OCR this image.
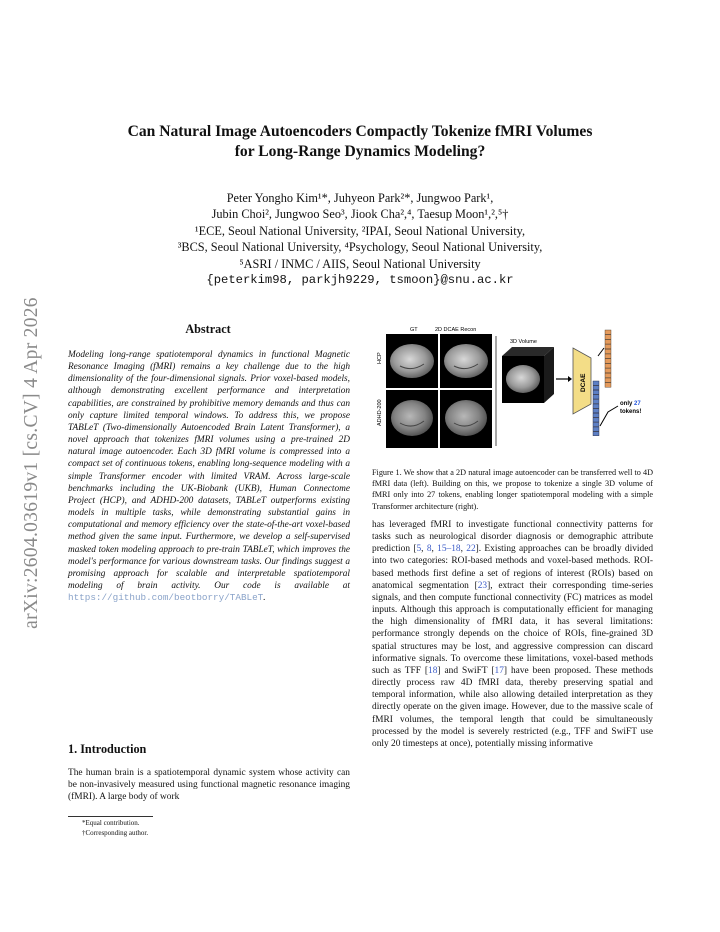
arXiv:2604.03619v1 [cs.CV] 4 Apr 2026
Can Natural Image Autoencoders Compactly Tokenize fMRI Volumes
for Long-Range Dynamics Modeling?
Peter Yongho Kim¹*, Juhyeon Park²*, Jungwoo Park¹,
Jubin Choi², Jungwoo Seo³, Jiook Cha²,⁴, Taesup Moon¹,²,⁵†
¹ECE, Seoul National University, ²IPAI, Seoul National University,
³BCS, Seoul National University, ⁴Psychology, Seoul National University,
⁵ASRI / INMC / AIIS, Seoul National University
{peterkim98, parkjh9229, tsmoon}@snu.ac.kr
Abstract
Modeling long-range spatiotemporal dynamics in functional Magnetic Resonance Imaging (fMRI) remains a key challenge due to the high dimensionality of the four-dimensional signals. Prior voxel-based models, although demonstrating excellent performance and interpretation capabilities, are constrained by prohibitive memory demands and thus can only capture limited temporal windows. To address this, we propose TABLeT (Two-dimensionally Autoencoded Brain Latent Transformer), a novel approach that tokenizes fMRI volumes using a pre-trained 2D natural image autoencoder. Each 3D fMRI volume is compressed into a compact set of continuous tokens, enabling long-sequence modeling with a simple Transformer encoder with limited VRAM. Across large-scale benchmarks including the UK-Biobank (UKB), Human Connectome Project (HCP), and ADHD-200 datasets, TABLeT outperforms existing models in multiple tasks, while demonstrating substantial gains in computational and memory efficiency over the state-of-the-art voxel-based method given the same input. Furthermore, we develop a self-supervised masked token modeling approach to pre-train TABLeT, which improves the model's performance for various downstream tasks. Our findings suggest a promising approach for scalable and interpretable spatiotemporal modeling of brain activity. Our code is available at https://github.com/beotborry/TABLeT.
1. Introduction
The human brain is a spatiotemporal dynamic system whose activity can be non-invasively measured using functional magnetic resonance imaging (fMRI). A large body of work
*Equal contribution.
†Corresponding author.
GT	2D DCAE Recon
HCP
ADHD-200
3D Volume
DCAE
only 27
tokens!
Figure 1. We show that a 2D natural image autoencoder can be transferred well to 4D fMRI data (left). Building on this, we propose to tokenize a single 3D volume of fMRI only into 27 tokens, enabling longer spatiotemporal modeling with a simple Transformer architecture (right).
has leveraged fMRI to investigate functional connectivity patterns for tasks such as neurological disorder diagnosis or demographic attribute prediction [5, 8, 15–18, 22]. Existing approaches can be broadly divided into two categories: ROI-based methods and voxel-based methods. ROI-based methods first define a set of regions of interest (ROIs) based on anatomical segmentation [23], extract their corresponding time-series signals, and then compute functional connectivity (FC) matrices as model inputs. Although this approach is computationally efficient for managing the high dimensionality of fMRI data, it has several limitations: performance strongly depends on the choice of ROIs, fine-grained 3D spatial structures may be lost, and aggressive compression can discard informative signals. To overcome these limitations, voxel-based methods such as TFF [18] and SwiFT [17] have been proposed. These methods directly process raw 4D fMRI data, thereby preserving spatial and temporal information, while also allowing detailed interpretation as they directly operate on the given image. However, due to the massive scale of fMRI volumes, the temporal length that could be simultaneously processed by the model is severely restricted (e.g., TFF and SwiFT use only 20 timesteps at once), potentially missing informative
